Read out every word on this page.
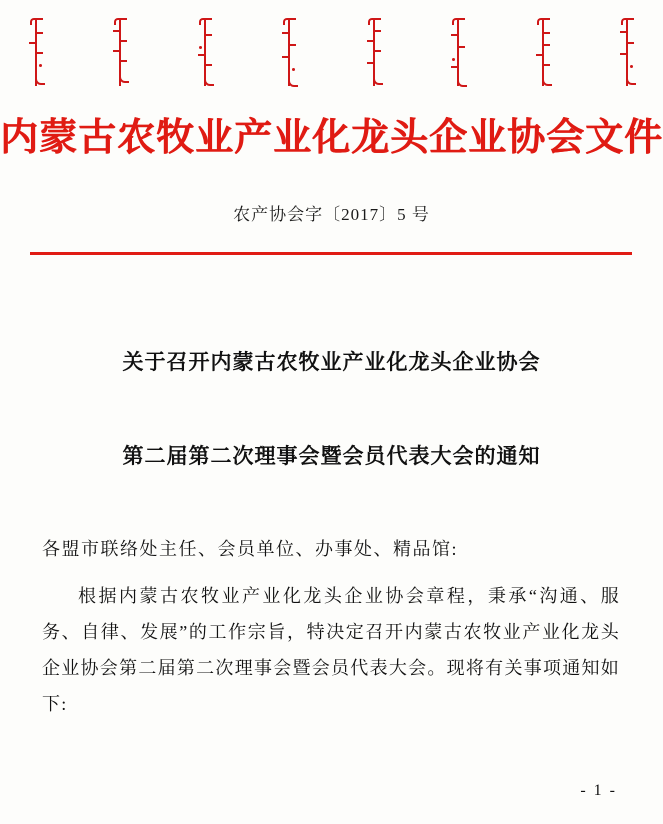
内蒙古农牧业产业化龙头企业协会文件
农产协会字〔2017〕5 号
关于召开内蒙古农牧业产业化龙头企业协会
第二届第二次理事会暨会员代表大会的通知
各盟市联络处主任、会员单位、办事处、精品馆:
根据内蒙古农牧业产业化龙头企业协会章程，秉承“沟通、服务、自律、发展”的工作宗旨，特决定召开内蒙古农牧业产业化龙头企业协会第二届第二次理事会暨会员代表大会。现将有关事项通知如下:
- 1 -
